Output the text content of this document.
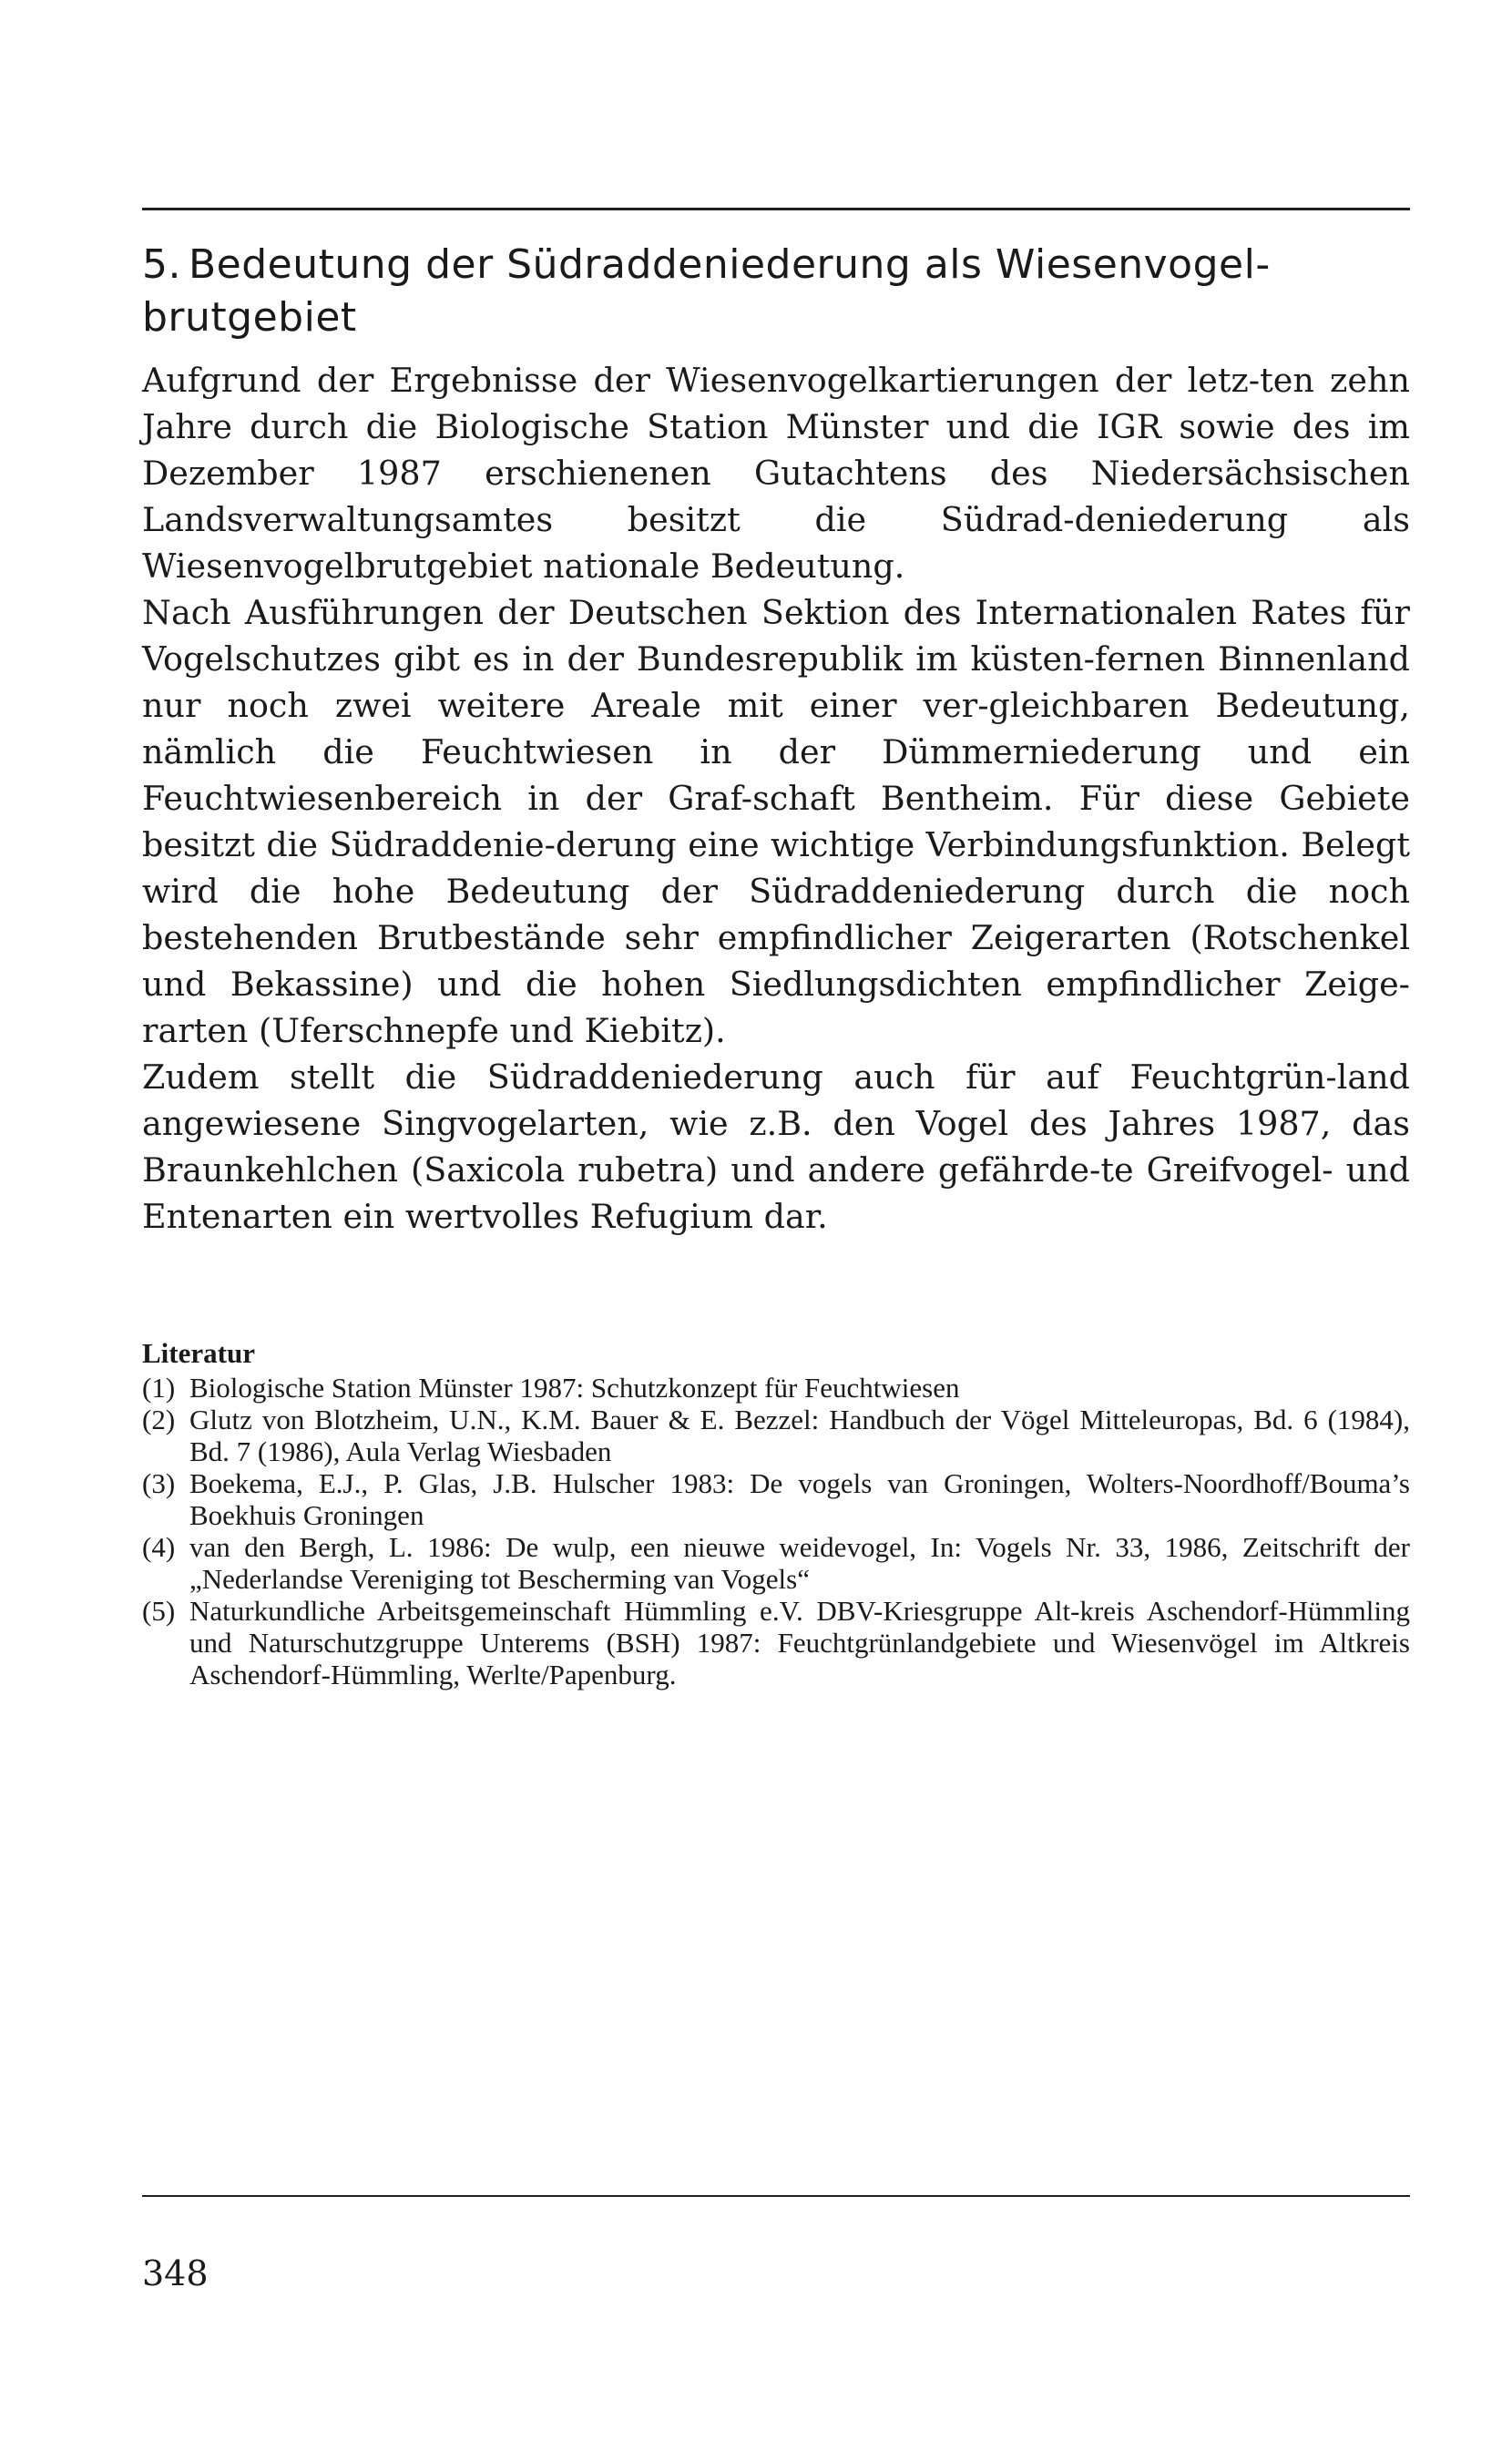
5. Bedeutung der Südraddeniederung als Wiesenvogel-brutgebiet

Aufgrund der Ergebnisse der Wiesenvogelkartierungen der letz-ten zehn Jahre durch die Biologische Station Münster und die IGR sowie des im Dezember 1987 erschienenen Gutachtens des Niedersächsischen Landsverwaltungsamtes besitzt die Südrad-deniederung als Wiesenvogelbrutgebiet nationale Bedeutung.

Nach Ausführungen der Deutschen Sektion des Internationalen Rates für Vogelschutzes gibt es in der Bundesrepublik im küsten-fernen Binnenland nur noch zwei weitere Areale mit einer ver-gleichbaren Bedeutung, nämlich die Feuchtwiesen in der Dümmerniederung und ein Feuchtwiesenbereich in der Graf-schaft Bentheim. Für diese Gebiete besitzt die Südraddenie-derung eine wichtige Verbindungsfunktion. Belegt wird die hohe Bedeutung der Südraddeniederung durch die noch bestehenden Brutbestände sehr empfindlicher Zeigerarten (Rotschenkel und Bekassine) und die hohen Siedlungsdichten empfindlicher Zeige-rarten (Uferschnepfe und Kiebitz).

Zudem stellt die Südraddeniederung auch für auf Feuchtgrün-land angewiesene Singvogelarten, wie z.B. den Vogel des Jahres 1987, das Braunkehlchen (Saxicola rubetra) und andere gefährde-te Greifvogel- und Entenarten ein wertvolles Refugium dar.

Literatur
(1) Biologische Station Münster 1987: Schutzkonzept für Feuchtwiesen
(2) Glutz von Blotzheim, U.N., K.M. Bauer & E. Bezzel: Handbuch der Vögel Mitteleuropas, Bd. 6 (1984), Bd. 7 (1986), Aula Verlag Wiesbaden
(3) Boekema, E.J., P. Glas, J.B. Hulscher 1983: De vogels van Groningen, Wolters-Noordhoff/Bouma’s Boekhuis Groningen
(4) van den Bergh, L. 1986: De wulp, een nieuwe weidevogel, In: Vogels Nr. 33, 1986, Zeitschrift der „Nederlandse Vereniging tot Bescherming van Vogels“
(5) Naturkundliche Arbeitsgemeinschaft Hümmling e.V. DBV-Kriesgruppe Alt-kreis Aschendorf-Hümmling und Naturschutzgruppe Unterems (BSH) 1987: Feuchtgrünlandgebiete und Wiesenvögel im Altkreis Aschendorf-Hümmling, Werlte/Papenburg.

348
